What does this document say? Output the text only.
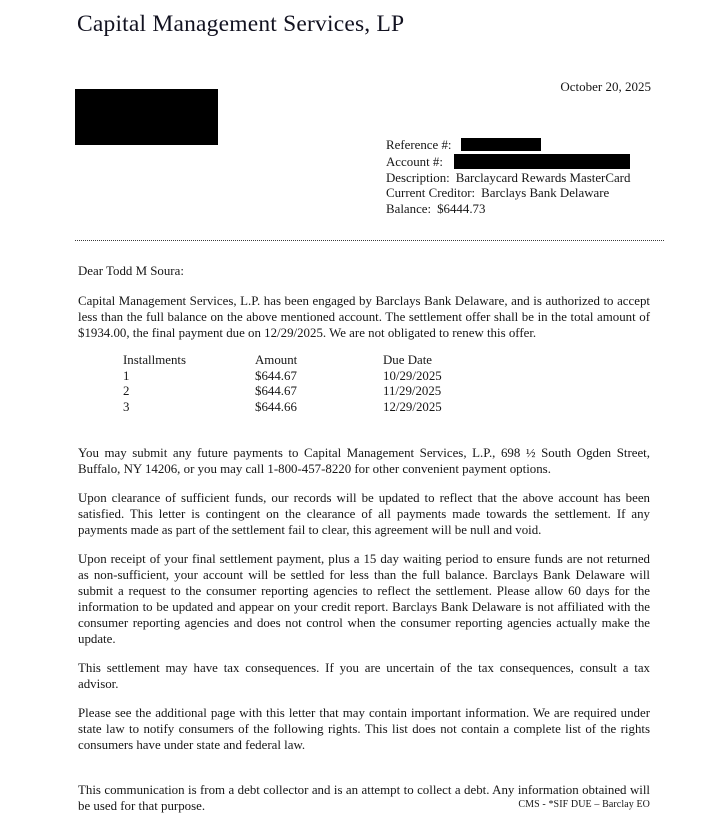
Capital Management Services, LP
October 20, 2025
Reference #:
Account #:
Description: Barclaycard Rewards MasterCard
Current Creditor: Barclays Bank Delaware
Balance: $6444.73

Dear Todd M Soura:

Capital Management Services, L.P. has been engaged by Barclays Bank Delaware, and is authorized to accept less than the full balance on the above mentioned account. The settlement offer shall be in the total amount of $1934.00, the final payment due on 12/29/2025. We are not obligated to renew this offer.

Installments	Amount	Due Date
1	$644.67	10/29/2025
2	$644.67	11/29/2025
3	$644.66	12/29/2025

You may submit any future payments to Capital Management Services, L.P., 698 ½ South Ogden Street, Buffalo, NY 14206, or you may call 1-800-457-8220 for other convenient payment options.

Upon clearance of sufficient funds, our records will be updated to reflect that the above account has been satisfied. This letter is contingent on the clearance of all payments made towards the settlement. If any payments made as part of the settlement fail to clear, this agreement will be null and void.

Upon receipt of your final settlement payment, plus a 15 day waiting period to ensure funds are not returned as non-sufficient, your account will be settled for less than the full balance. Barclays Bank Delaware will submit a request to the consumer reporting agencies to reflect the settlement. Please allow 60 days for the information to be updated and appear on your credit report. Barclays Bank Delaware is not affiliated with the consumer reporting agencies and does not control when the consumer reporting agencies actually make the update.

This settlement may have tax consequences. If you are uncertain of the tax consequences, consult a tax advisor.

Please see the additional page with this letter that may contain important information. We are required under state law to notify consumers of the following rights. This list does not contain a complete list of the rights consumers have under state and federal law.

This communication is from a debt collector and is an attempt to collect a debt. Any information obtained will be used for that purpose.	CMS - *SIF DUE – Barclay EO
